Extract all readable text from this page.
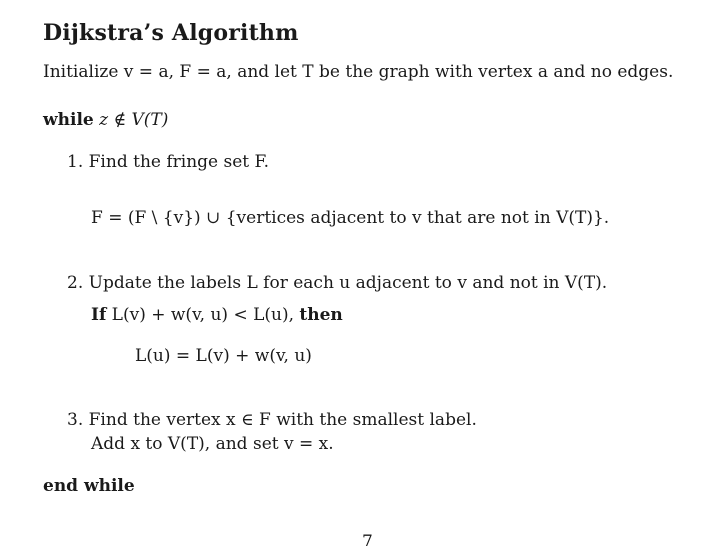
Dijkstra’s Algorithm
Initialize v = a, F = a, and let T be the graph with vertex a and no edges.
while z ∉ V(T)
1. Find the fringe set F.
F = (F \ {v}) ∪ {vertices adjacent to v that are not in V(T)}.
2. Update the labels L for each u adjacent to v and not in V(T).
If L(v) + w(v, u) < L(u), then
L(u) = L(v) + w(v, u)
3. Find the vertex x ∈ F with the smallest label.
Add x to V(T), and set v = x.
end while
7
